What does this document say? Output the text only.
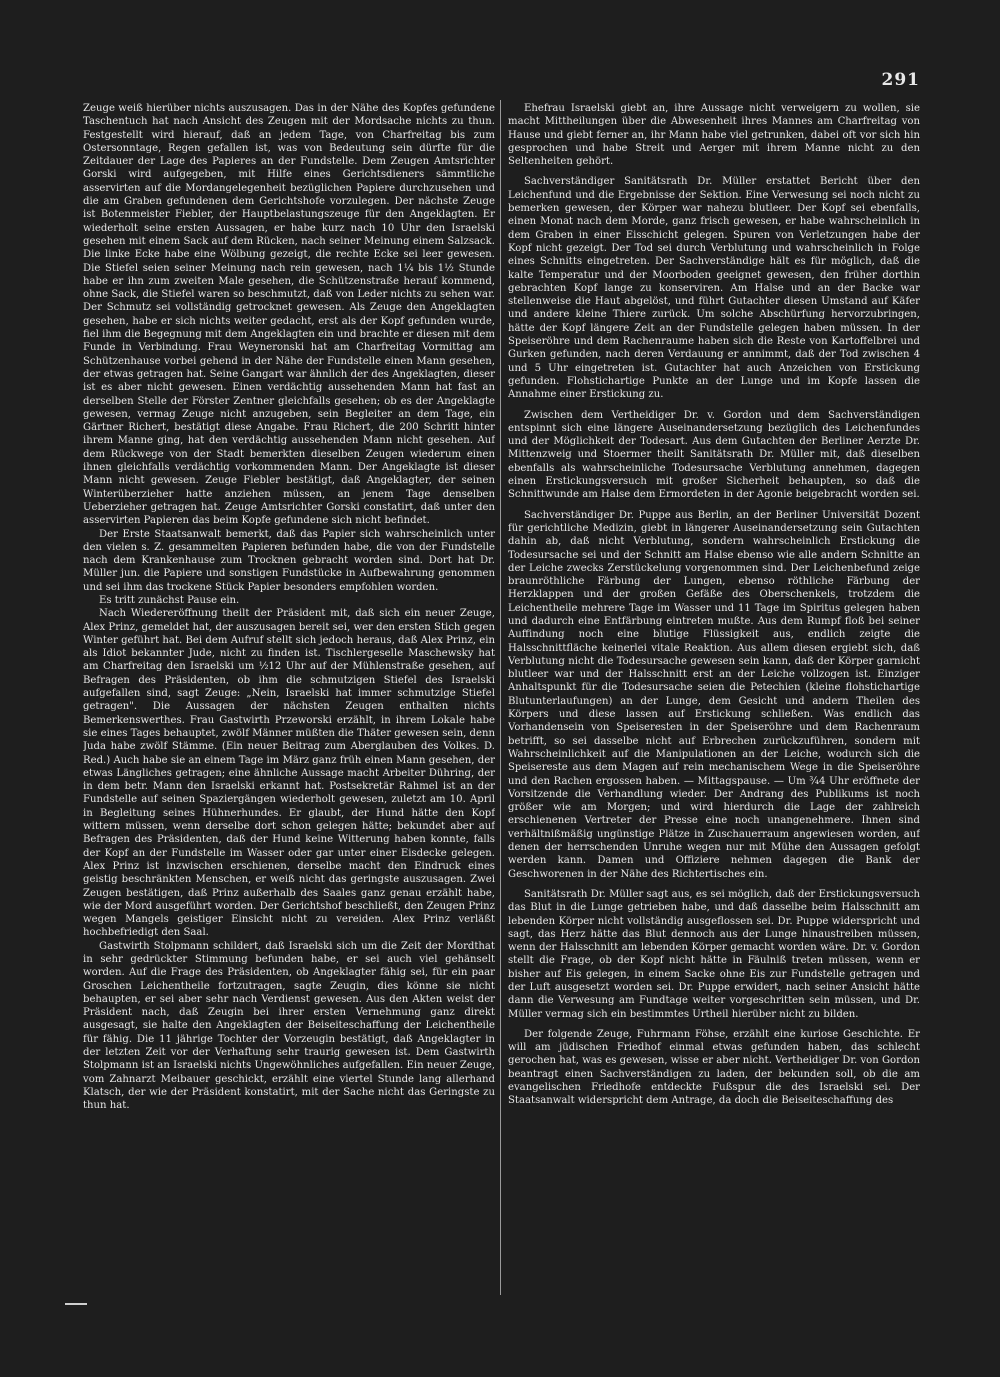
291

Zeuge weiß hierüber nichts auszusagen. Das in der Nähe des Kopfes gefundene Taschentuch hat nach Ansicht des Zeugen mit der Mordsache nichts zu thun. Festgestellt wird hierauf, daß an jedem Tage, von Charfreitag bis zum Ostersonntage, Regen gefallen ist, was von Bedeutung sein dürfte für die Zeitdauer der Lage des Papieres an der Fundstelle. Dem Zeugen Amtsrichter Gorski wird aufgegeben, mit Hilfe eines Gerichtsdieners sämmtliche asservirten auf die Mordangelegenheit bezüglichen Papiere durchzusehen und die am Graben gefundenen dem Gerichtshofe vorzulegen. Der nächste Zeuge ist Botenmeister Fiebler, der Hauptbelastungszeuge für den Angeklagten. Er wiederholt seine ersten Aussagen, er habe kurz nach 10 Uhr den Israelski gesehen mit einem Sack auf dem Rücken, nach seiner Meinung einem Salzsack. Die linke Ecke habe eine Wölbung gezeigt, die rechte Ecke sei leer gewesen. Die Stiefel seien seiner Meinung nach rein gewesen, nach 1¼ bis 1½ Stunde habe er ihn zum zweiten Male gesehen, die Schützenstraße herauf kommend, ohne Sack, die Stiefel waren so beschmutzt, daß von Leder nichts zu sehen war. Der Schmutz sei vollständig getrocknet gewesen. Als Zeuge den Angeklagten gesehen, habe er sich nichts weiter gedacht, erst als der Kopf gefunden wurde, fiel ihm die Begegnung mit dem Angeklagten ein und brachte er diesen mit dem Funde in Verbindung. Frau Weyneronski hat am Charfreitag Vormittag am Schützenhause vorbei gehend in der Nähe der Fundstelle einen Mann gesehen, der etwas getragen hat. Seine Gangart war ähnlich der des Angeklagten, dieser ist es aber nicht gewesen. Einen verdächtig aussehenden Mann hat fast an derselben Stelle der Förster Zentner gleichfalls gesehen; ob es der Angeklagte gewesen, vermag Zeuge nicht anzugeben, sein Begleiter an dem Tage, ein Gärtner Richert, bestätigt diese Angabe. Frau Richert, die 200 Schritt hinter ihrem Manne ging, hat den verdächtig aussehenden Mann nicht gesehen. Auf dem Rückwege von der Stadt bemerkten dieselben Zeugen wiederum einen ihnen gleichfalls verdächtig vorkommenden Mann. Der Angeklagte ist dieser Mann nicht gewesen. Zeuge Fiebler bestätigt, daß Angeklagter, der seinen Winterüberzieher hatte anziehen müssen, an jenem Tage denselben Ueberzieher getragen hat. Zeuge Amtsrichter Gorski constatirt, daß unter den asservirten Papieren das beim Kopfe gefundene sich nicht befindet.

Der Erste Staatsanwalt bemerkt, daß das Papier sich wahrscheinlich unter den vielen s. Z. gesammelten Papieren befunden habe, die von der Fundstelle nach dem Krankenhause zum Trocknen gebracht worden sind. Dort hat Dr. Müller jun. die Papiere und sonstigen Fundstücke in Aufbewahrung genommen und sei ihm das trockene Stück Papier besonders empfohlen worden.

Es tritt zunächst Pause ein.

Nach Wiedereröffnung theilt der Präsident mit, daß sich ein neuer Zeuge, Alex Prinz, gemeldet hat, der auszusagen bereit sei, wer den ersten Stich gegen Winter geführt hat. Bei dem Aufruf stellt sich jedoch heraus, daß Alex Prinz, ein als Idiot bekannter Jude, nicht zu finden ist. Tischlergeselle Maschewsky hat am Charfreitag den Israelski um ½12 Uhr auf der Mühlenstraße gesehen, auf Befragen des Präsidenten, ob ihm die schmutzigen Stiefel des Israelski aufgefallen sind, sagt Zeuge: „Nein, Israelski hat immer schmutzige Stiefel getragen". Die Aussagen der nächsten Zeugen enthalten nichts Bemerkenswerthes. Frau Gastwirth Przeworski erzählt, in ihrem Lokale habe sie eines Tages behauptet, zwölf Männer müßten die Thäter gewesen sein, denn Juda habe zwölf Stämme. (Ein neuer Beitrag zum Aberglauben des Volkes. D. Red.) Auch habe sie an einem Tage im März ganz früh einen Mann gesehen, der etwas Längliches getragen; eine ähnliche Aussage macht Arbeiter Dühring, der in dem betr. Mann den Israelski erkannt hat. Postsekretär Rahmel ist an der Fundstelle auf seinen Spaziergängen wiederholt gewesen, zuletzt am 10. April in Begleitung seines Hühnerhundes. Er glaubt, der Hund hätte den Kopf wittern müssen, wenn derselbe dort schon gelegen hätte; bekundet aber auf Befragen des Präsidenten, daß der Hund keine Witterung haben konnte, falls der Kopf an der Fundstelle im Wasser oder gar unter einer Eisdecke gelegen. Alex Prinz ist inzwischen erschienen, derselbe macht den Eindruck eines geistig beschränkten Menschen, er weiß nicht das geringste auszusagen. Zwei Zeugen bestätigen, daß Prinz außerhalb des Saales ganz genau erzählt habe, wie der Mord ausgeführt worden. Der Gerichtshof beschließt, den Zeugen Prinz wegen Mangels geistiger Einsicht nicht zu vereiden. Alex Prinz verläßt hochbefriedigt den Saal.

Gastwirth Stolpmann schildert, daß Israelski sich um die Zeit der Mordthat in sehr gedrückter Stimmung befunden habe, er sei auch viel gehänselt worden. Auf die Frage des Präsidenten, ob Angeklagter fähig sei, für ein paar Groschen Leichentheile fortzutragen, sagte Zeugin, dies könne sie nicht behaupten, er sei aber sehr nach Verdienst gewesen. Aus den Akten weist der Präsident nach, daß Zeugin bei ihrer ersten Vernehmung ganz direkt ausgesagt, sie halte den Angeklagten der Beiseiteschaffung der Leichentheile für fähig. Die 11 jährige Tochter der Vorzeugin bestätigt, daß Angeklagter in der letzten Zeit vor der Verhaftung sehr traurig gewesen ist. Dem Gastwirth Stolpmann ist an Israelski nichts Ungewöhnliches aufgefallen. Ein neuer Zeuge, vom Zahnarzt Meibauer geschickt, erzählt eine viertel Stunde lang allerhand Klatsch, der wie der Präsident konstatirt, mit der Sache nicht das Geringste zu thun hat.

Ehefrau Israelski giebt an, ihre Aussage nicht verweigern zu wollen, sie macht Mittheilungen über die Abwesenheit ihres Mannes am Charfreitag von Hause und giebt ferner an, ihr Mann habe viel getrunken, dabei oft vor sich hin gesprochen und habe Streit und Aerger mit ihrem Manne nicht zu den Seltenheiten gehört.

Sachverständiger Sanitätsrath Dr. Müller erstattet Bericht über den Leichenfund und die Ergebnisse der Sektion. Eine Verwesung sei noch nicht zu bemerken gewesen, der Körper war nahezu blutleer. Der Kopf sei ebenfalls, einen Monat nach dem Morde, ganz frisch gewesen, er habe wahrscheinlich in dem Graben in einer Eisschicht gelegen. Spuren von Verletzungen habe der Kopf nicht gezeigt. Der Tod sei durch Verblutung und wahrscheinlich in Folge eines Schnitts eingetreten. Der Sachverständige hält es für möglich, daß die kalte Temperatur und der Moorboden geeignet gewesen, den früher dorthin gebrachten Kopf lange zu konserviren. Am Halse und an der Backe war stellenweise die Haut abgelöst, und führt Gutachter diesen Umstand auf Käfer und andere kleine Thiere zurück. Um solche Abschürfung hervorzubringen, hätte der Kopf längere Zeit an der Fundstelle gelegen haben müssen. In der Speiseröhre und dem Rachenraume haben sich die Reste von Kartoffelbrei und Gurken gefunden, nach deren Verdauung er annimmt, daß der Tod zwischen 4 und 5 Uhr eingetreten ist. Gutachter hat auch Anzeichen von Erstickung gefunden. Flohstichartige Punkte an der Lunge und im Kopfe lassen die Annahme einer Erstickung zu.

Zwischen dem Vertheidiger Dr. v. Gordon und dem Sachverständigen entspinnt sich eine längere Auseinandersetzung bezüglich des Leichenfundes und der Möglichkeit der Todesart. Aus dem Gutachten der Berliner Aerzte Dr. Mittenzweig und Stoermer theilt Sanitätsrath Dr. Müller mit, daß dieselben ebenfalls als wahrscheinliche Todesursache Verblutung annehmen, dagegen einen Erstickungsversuch mit großer Sicherheit behaupten, so daß die Schnittwunde am Halse dem Ermordeten in der Agonie beigebracht worden sei.

Sachverständiger Dr. Puppe aus Berlin, an der Berliner Universität Dozent für gerichtliche Medizin, giebt in längerer Auseinandersetzung sein Gutachten dahin ab, daß nicht Verblutung, sondern wahrscheinlich Erstickung die Todesursache sei und der Schnitt am Halse ebenso wie alle andern Schnitte an der Leiche zwecks Zerstückelung vorgenommen sind. Der Leichenbefund zeige braunröthliche Färbung der Lungen, ebenso röthliche Färbung der Herzklappen und der großen Gefäße des Oberschenkels, trotzdem die Leichentheile mehrere Tage im Wasser und 11 Tage im Spiritus gelegen haben und dadurch eine Entfärbung eintreten mußte. Aus dem Rumpf floß bei seiner Auffindung noch eine blutige Flüssigkeit aus, endlich zeigte die Halsschnittfläche keinerlei vitale Reaktion. Aus allem diesen ergiebt sich, daß Verblutung nicht die Todesursache gewesen sein kann, daß der Körper garnicht blutleer war und der Halsschnitt erst an der Leiche vollzogen ist. Einziger Anhaltspunkt für die Todesursache seien die Petechien (kleine flohstichartige Blutunterlaufungen) an der Lunge, dem Gesicht und andern Theilen des Körpers und diese lassen auf Erstickung schließen. Was endlich das Vorhandensein von Speiseresten in der Speiseröhre und dem Rachenraum betrifft, so sei dasselbe nicht auf Erbrechen zurückzuführen, sondern mit Wahrscheinlichkeit auf die Manipulationen an der Leiche, wodurch sich die Speisereste aus dem Magen auf rein mechanischem Wege in die Speiseröhre und den Rachen ergossen haben. — Mittagspause. — Um ¾4 Uhr eröffnete der Vorsitzende die Verhandlung wieder. Der Andrang des Publikums ist noch größer wie am Morgen; und wird hierdurch die Lage der zahlreich erschienenen Vertreter der Presse eine noch unangenehmere. Ihnen sind verhältnißmäßig ungünstige Plätze in Zuschauerraum angewiesen worden, auf denen der herrschenden Unruhe wegen nur mit Mühe den Aussagen gefolgt werden kann. Damen und Offiziere nehmen dagegen die Bank der Geschworenen in der Nähe des Richtertisches ein.

Sanitätsrath Dr. Müller sagt aus, es sei möglich, daß der Erstickungsversuch das Blut in die Lunge getrieben habe, und daß dasselbe beim Halsschnitt am lebenden Körper nicht vollständig ausgeflossen sei. Dr. Puppe widerspricht und sagt, das Herz hätte das Blut dennoch aus der Lunge hinaustreiben müssen, wenn der Halsschnitt am lebenden Körper gemacht worden wäre. Dr. v. Gordon stellt die Frage, ob der Kopf nicht hätte in Fäulniß treten müssen, wenn er bisher auf Eis gelegen, in einem Sacke ohne Eis zur Fundstelle getragen und der Luft ausgesetzt worden sei. Dr. Puppe erwidert, nach seiner Ansicht hätte dann die Verwesung am Fundtage weiter vorgeschritten sein müssen, und Dr. Müller vermag sich ein bestimmtes Urtheil hierüber nicht zu bilden.

Der folgende Zeuge, Fuhrmann Föhse, erzählt eine kuriose Geschichte. Er will am jüdischen Friedhof einmal etwas gefunden haben, das schlecht gerochen hat, was es gewesen, wisse er aber nicht. Vertheidiger Dr. von Gordon beantragt einen Sachverständigen zu laden, der bekunden soll, ob die am evangelischen Friedhofe entdeckte Fußspur die des Israelski sei. Der Staatsanwalt widerspricht dem Antrage, da doch die Beiseiteschaffung des
